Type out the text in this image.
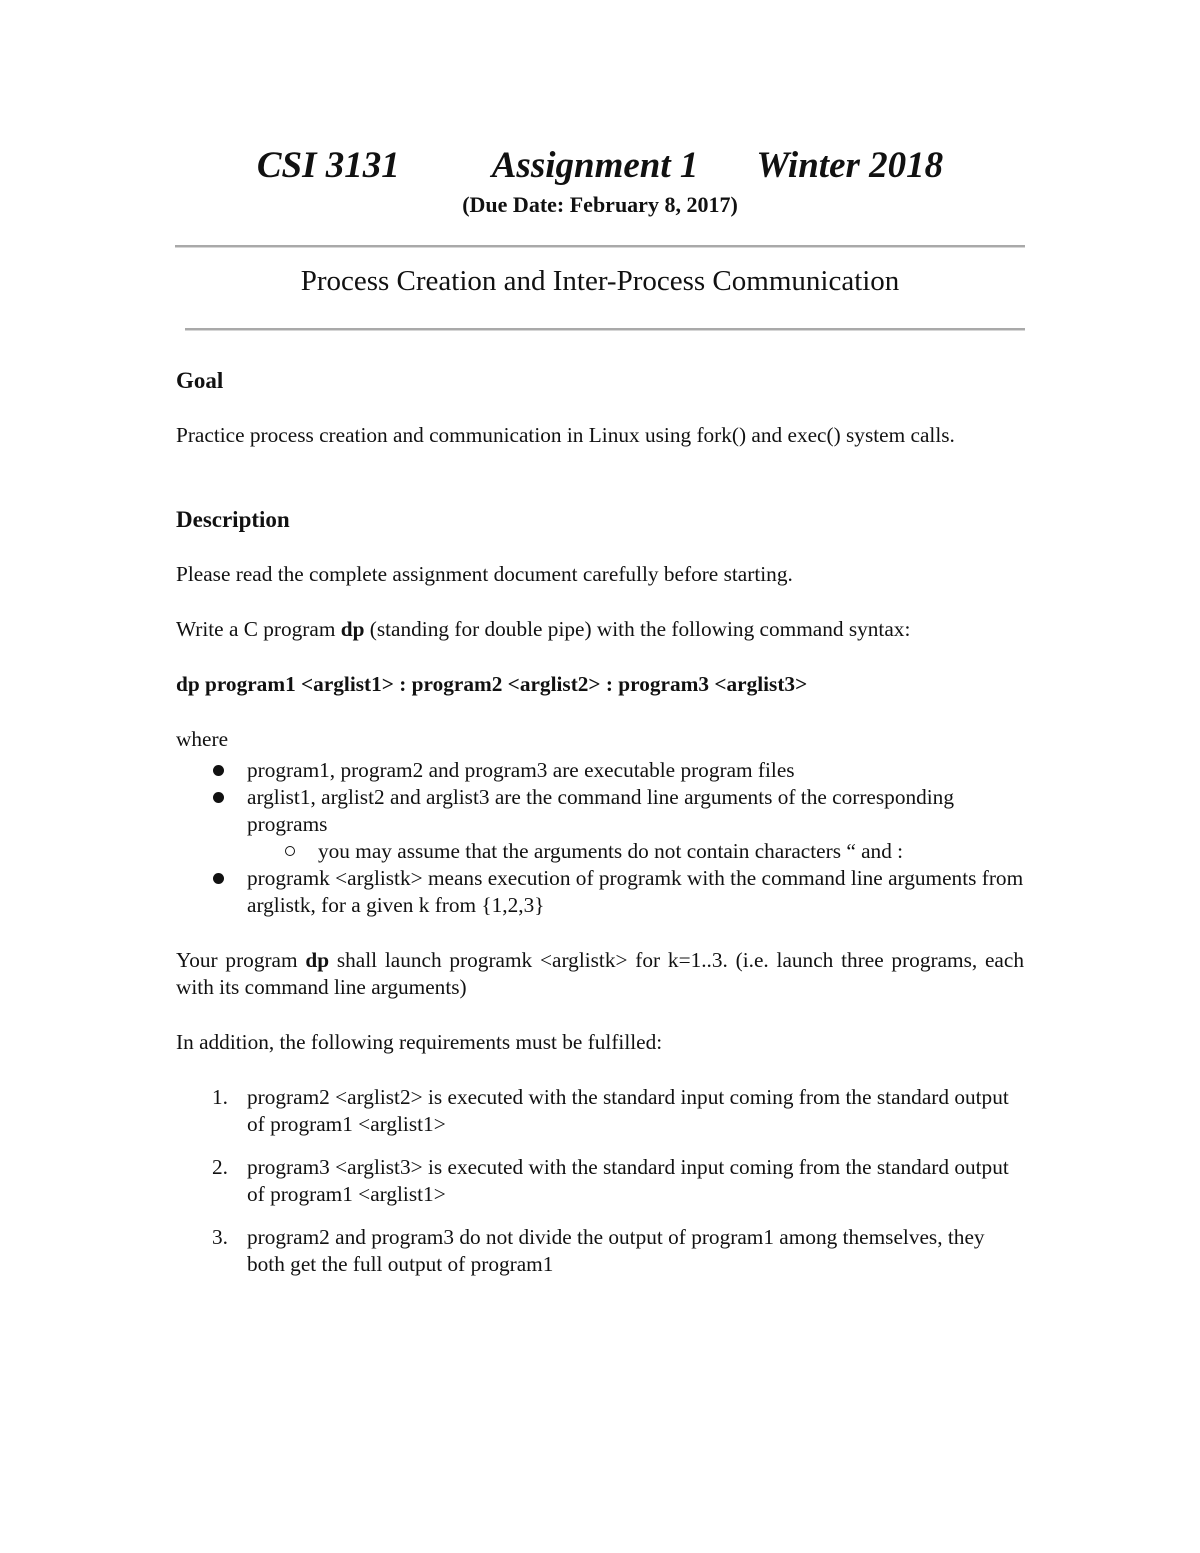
CSI 3131 Assignment 1 Winter 2018
(Due Date: February 8, 2017)
Process Creation and Inter-Process Communication
Goal

Practice process creation and communication in Linux using fork() and exec() system calls.

Description

Please read the complete assignment document carefully before starting.

Write a C program dp (standing for double pipe) with the following command syntax:

dp program1 <arglist1> : program2 <arglist2> : program3 <arglist3>

where

program1, program2 and program3 are executable program files
arglist1, arglist2 and arglist3 are the command line arguments of the corresponding programs
you may assume that the arguments do not contain characters “ and :
programk <arglistk> means execution of programk with the command line arguments from arglistk, for a given k from {1,2,3}

Your program dp shall launch programk <arglistk> for k=1..3. (i.e. launch three programs, each with its command line arguments)

In addition, the following requirements must be fulfilled:

1. program2 <arglist2> is executed with the standard input coming from the standard output of program1 <arglist1>
2. program3 <arglist3> is executed with the standard input coming from the standard output of program1 <arglist1>
3. program2 and program3 do not divide the output of program1 among themselves, they both get the full output of program1
